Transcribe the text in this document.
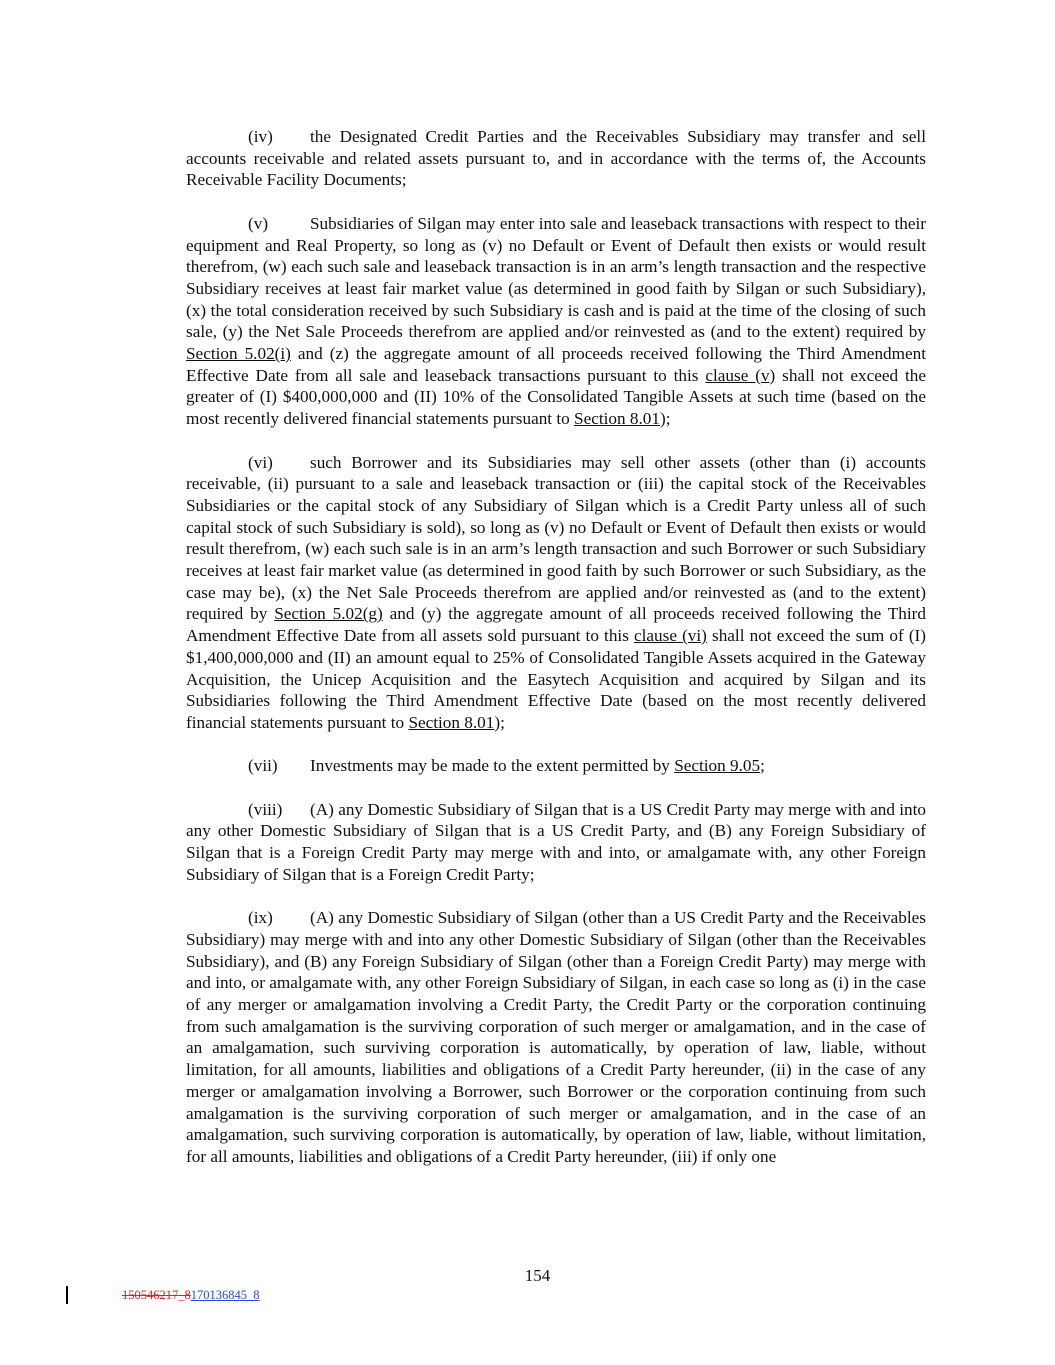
(iv) the Designated Credit Parties and the Receivables Subsidiary may transfer and sell accounts receivable and related assets pursuant to, and in accordance with the terms of, the Accounts Receivable Facility Documents;

(v) Subsidiaries of Silgan may enter into sale and leaseback transactions with respect to their equipment and Real Property, so long as (v) no Default or Event of Default then exists or would result therefrom, (w) each such sale and leaseback transaction is in an arm’s length transaction and the respective Subsidiary receives at least fair market value (as determined in good faith by Silgan or such Subsidiary), (x) the total consideration received by such Subsidiary is cash and is paid at the time of the closing of such sale, (y) the Net Sale Proceeds therefrom are applied and/or reinvested as (and to the extent) required by Section 5.02(i) and (z) the aggregate amount of all proceeds received following the Third Amendment Effective Date from all sale and leaseback transactions pursuant to this clause (v) shall not exceed the greater of (I) $400,000,000 and (II) 10% of the Consolidated Tangible Assets at such time (based on the most recently delivered financial statements pursuant to Section 8.01);

(vi) such Borrower and its Subsidiaries may sell other assets (other than (i) accounts receivable, (ii) pursuant to a sale and leaseback transaction or (iii) the capital stock of the Receivables Subsidiaries or the capital stock of any Subsidiary of Silgan which is a Credit Party unless all of such capital stock of such Subsidiary is sold), so long as (v) no Default or Event of Default then exists or would result therefrom, (w) each such sale is in an arm’s length transaction and such Borrower or such Subsidiary receives at least fair market value (as determined in good faith by such Borrower or such Subsidiary, as the case may be), (x) the Net Sale Proceeds therefrom are applied and/or reinvested as (and to the extent) required by Section 5.02(g) and (y) the aggregate amount of all proceeds received following the Third Amendment Effective Date from all assets sold pursuant to this clause (vi) shall not exceed the sum of (I) $1,400,000,000 and (II) an amount equal to 25% of Consolidated Tangible Assets acquired in the Gateway Acquisition, the Unicep Acquisition and the Easytech Acquisition and acquired by Silgan and its Subsidiaries following the Third Amendment Effective Date (based on the most recently delivered financial statements pursuant to Section 8.01);

(vii) Investments may be made to the extent permitted by Section 9.05;

(viii) (A) any Domestic Subsidiary of Silgan that is a US Credit Party may merge with and into any other Domestic Subsidiary of Silgan that is a US Credit Party, and (B) any Foreign Subsidiary of Silgan that is a Foreign Credit Party may merge with and into, or amalgamate with, any other Foreign Subsidiary of Silgan that is a Foreign Credit Party;

(ix) (A) any Domestic Subsidiary of Silgan (other than a US Credit Party and the Receivables Subsidiary) may merge with and into any other Domestic Subsidiary of Silgan (other than the Receivables Subsidiary), and (B) any Foreign Subsidiary of Silgan (other than a Foreign Credit Party) may merge with and into, or amalgamate with, any other Foreign Subsidiary of Silgan, in each case so long as (i) in the case of any merger or amalgamation involving a Credit Party, the Credit Party or the corporation continuing from such amalgamation is the surviving corporation of such merger or amalgamation, and in the case of an amalgamation, such surviving corporation is automatically, by operation of law, liable, without limitation, for all amounts, liabilities and obligations of a Credit Party hereunder, (ii) in the case of any merger or amalgamation involving a Borrower, such Borrower or the corporation continuing from such amalgamation is the surviving corporation of such merger or amalgamation, and in the case of an amalgamation, such surviving corporation is automatically, by operation of law, liable, without limitation, for all amounts, liabilities and obligations of a Credit Party hereunder, (iii) if only one

154
150546217_8170136845_8
